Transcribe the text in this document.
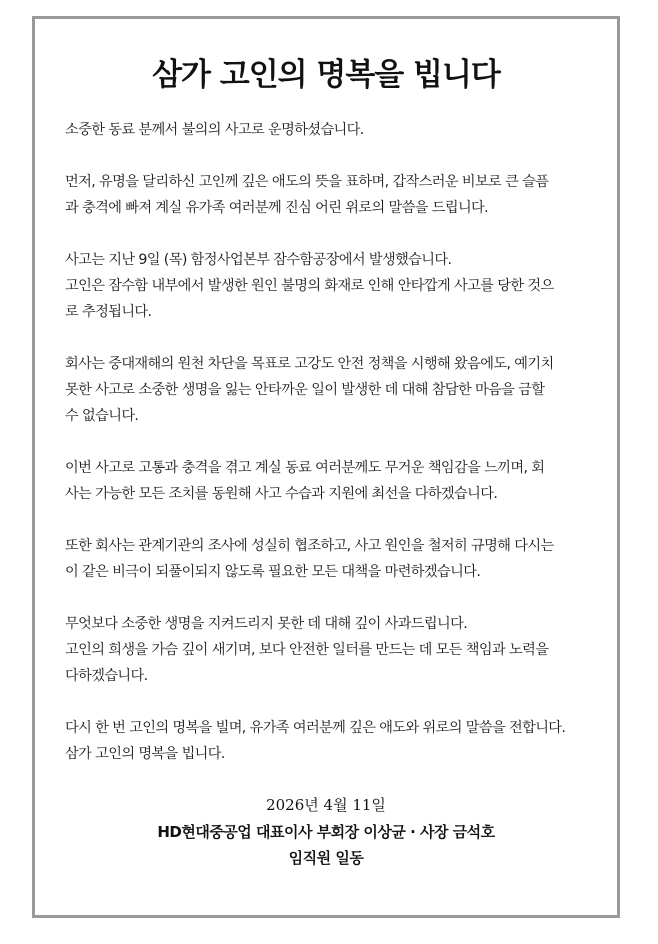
삼가 고인의 명복을 빕니다
소중한 동료 분께서 불의의 사고로 운명하셨습니다.
먼저, 유명을 달리하신 고인께 깊은 애도의 뜻을 표하며, 갑작스러운 비보로 큰 슬픔
과 충격에 빠져 계실 유가족 여러분께 진심 어린 위로의 말씀을 드립니다.
사고는 지난 9일 (목) 함정사업본부 잠수함공장에서 발생했습니다.
고인은 잠수함 내부에서 발생한 원인 불명의 화재로 인해 안타깝게 사고를 당한 것으
로 추정됩니다.
회사는 중대재해의 원천 차단을 목표로 고강도 안전 정책을 시행해 왔음에도, 예기치
못한 사고로 소중한 생명을 잃는 안타까운 일이 발생한 데 대해 참담한 마음을 금할
수 없습니다.
이번 사고로 고통과 충격을 겪고 계실 동료 여러분께도 무거운 책임감을 느끼며, 회
사는 가능한 모든 조치를 동원해 사고 수습과 지원에 최선을 다하겠습니다.
또한 회사는 관계기관의 조사에 성실히 협조하고, 사고 원인을 철저히 규명해 다시는
이 같은 비극이 되풀이되지 않도록 필요한 모든 대책을 마련하겠습니다.
무엇보다 소중한 생명을 지켜드리지 못한 데 대해 깊이 사과드립니다.
고인의 희생을 가슴 깊이 새기며, 보다 안전한 일터를 만드는 데 모든 책임과 노력을
다하겠습니다.
다시 한 번 고인의 명복을 빌며, 유가족 여러분께 깊은 애도와 위로의 말씀을 전합니다.
삼가 고인의 명복을 빕니다.
2026년 4월 11일
HD현대중공업 대표이사 부회장 이상균 · 사장 금석호
임직원 일동
